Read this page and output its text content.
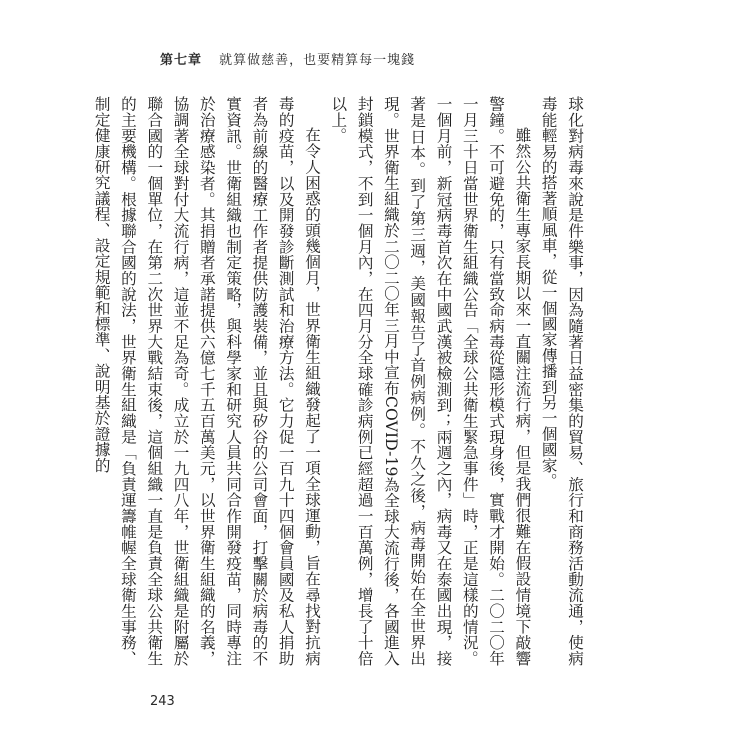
第七章 就算做慈善，也要精算每一塊錢

球化對病毒來說是件樂事，因為隨著日益密集的貿易、旅行和商務活動流通，使病毒能輕易的搭著順風車，從一個國家傳播到另一個國家。

雖然公共衛生專家長期以來一直關注流行病，但是我們很難在假設情境下敲響警鐘。不可避免的，只有當致命病毒從隱形模式現身後，實戰才開始。二〇二〇年一月三十日當世界衛生組織公告「全球公共衛生緊急事件」時，正是這樣的情況。一個月前，新冠病毒首次在中國武漢被檢測到；兩週之內，病毒又在泰國出現，接著是日本。到了第三週，美國報告了首例病例。不久之後，病毒開始在全世界出現。世界衛生組織於二〇二〇年三月中宣布COVID-19為全球大流行後，各國進入封鎖模式，不到一個月內，在四月分全球確診病例已經超過一百萬例，增長了十倍以上。

在令人困惑的頭幾個月，世界衛生組織發起了一項全球運動，旨在尋找對抗病毒的疫苗，以及開發診斷測試和治療方法。它力促一百九十四個會員國及私人捐助者為前線的醫療工作者提供防護裝備，並且與矽谷的公司會面，打擊關於病毒的不實資訊。世衛組織也制定策略，與科學家和研究人員共同合作開發疫苗，同時專注於治療感染者。其捐贈者承諾提供六億七千五百萬美元，以世界衛生組織的名義，協調著全球對付大流行病，這並不足為奇。成立於一九四八年，世衛組織是附屬於聯合國的一個單位，在第二次世界大戰結束後，這個組織一直是負責全球公共衛生的主要機構。根據聯合國的說法，世界衛生組織是「負責運籌帷幄全球衛生事務、制定健康研究議程、設定規範和標準、說明基於證據的

243
